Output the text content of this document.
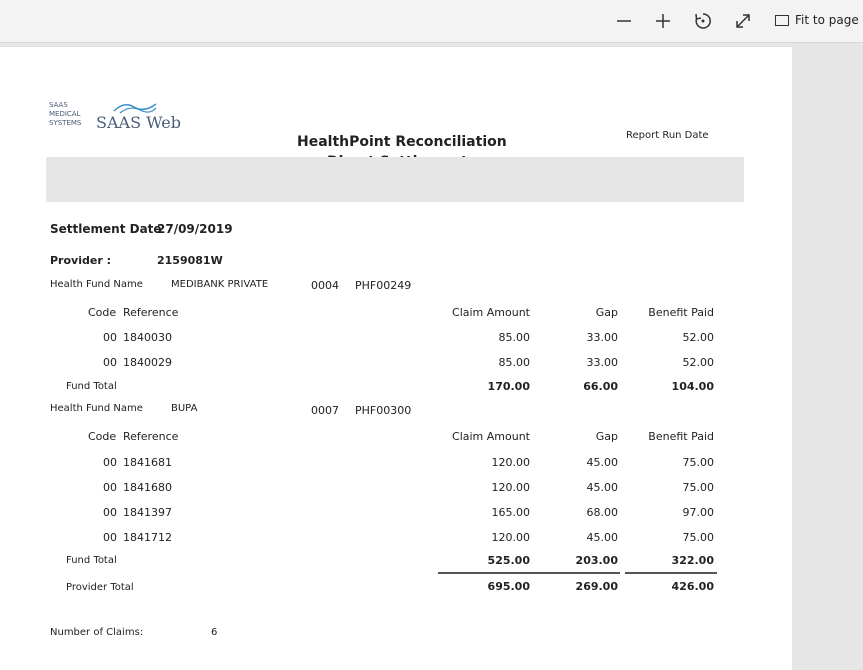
Fit to page
SAAS
MEDICAL
SYSTEMS SAAS Web
HealthPoint Reconciliation	Report Run Date
Settlement Date
27/09/2019
Provider :	2159081W
Health Fund Name	MEDIBANK PRIVATE	0004 PHF00249
Code Reference	Claim Amount	Gap	Benefit Paid
00 1840030	85.00	33.00	52.00
00 1840029	85.00	33.00	52.00
Fund Total	170.00	66.00	104.00
Health Fund Name	BUPA	0007 PHF00300
Code Reference	Claim Amount	Gap	Benefit Paid
00 1841681	120.00	45.00	75.00
00 1841680	120.00	45.00	75.00
00 1841397	165.00	68.00	97.00
00 1841712	120.00	45.00	75.00
Fund Total	525.00	203.00	322.00
Provider Total	695.00	269.00	426.00
Number of Claims:	6
